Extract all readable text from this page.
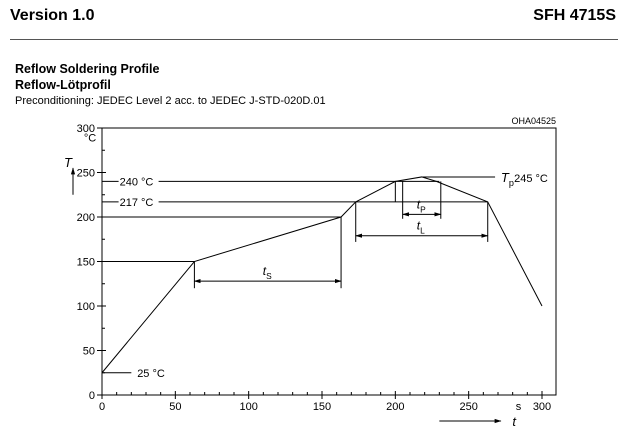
Version 1.0	SFH 4715S
Reflow Soldering Profile
Reflow-Lötprofil
Preconditioning: JEDEC Level 2 acc. to JEDEC J-STD-020D.01
OHA04525
0
50
100
150
200
250
300
0	50	100	150	200	250	300
°C
T
s
t
240 °C
217 °C
25 °C
$T_p$ 245 °C
$t_S$
$t_P$
$t_L$
